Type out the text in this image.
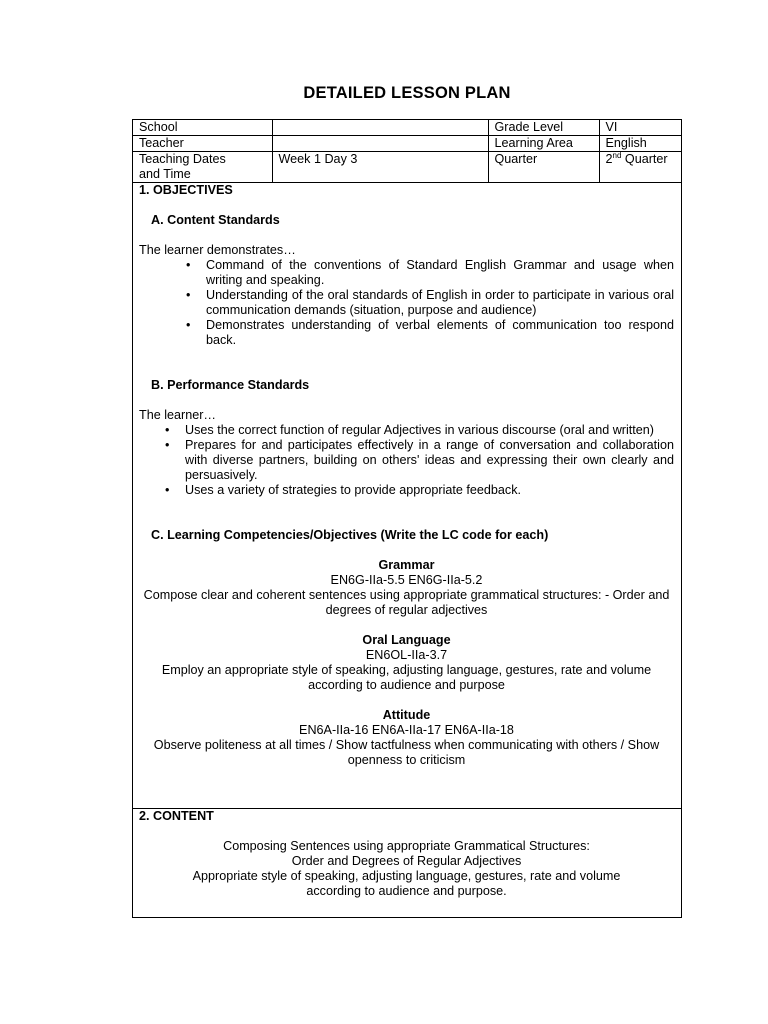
DETAILED LESSON PLAN
School		Grade Level	VI
Teacher		Learning Area	English

Teaching Dates
and Time	Week 1 Day 3	Quarter	2nd Quarter
1. OBJECTIVES
A. Content Standards
The learner demonstrates…
• Command of the conventions of Standard English Grammar and usage when writing and speaking.
• Understanding of the oral standards of English in order to participate in various oral communication demands (situation, purpose and audience)
• Demonstrates understanding of verbal elements of communication too respond back.
B. Performance Standards
The learner…
• Uses the correct function of regular Adjectives in various discourse (oral and written)
• Prepares for and participates effectively in a range of conversation and collaboration with diverse partners, building on others' ideas and expressing their own clearly and persuasively.
• Uses a variety of strategies to provide appropriate feedback.
C. Learning Competencies/Objectives (Write the LC code for each)
Grammar
EN6G-IIa-5.5 EN6G-IIa-5.2
Compose clear and coherent sentences using appropriate grammatical structures: - Order and degrees of regular adjectives
Oral Language
EN6OL-IIa-3.7
Employ an appropriate style of speaking, adjusting language, gestures, rate and volume according to audience and purpose
Attitude
EN6A-IIa-16 EN6A-IIa-17 EN6A-IIa-18
Observe politeness at all times / Show tactfulness when communicating with others / Show openness to criticism
2. CONTENT
Composing Sentences using appropriate Grammatical Structures:
Order and Degrees of Regular Adjectives
Appropriate style of speaking, adjusting language, gestures, rate and volume
according to audience and purpose.
